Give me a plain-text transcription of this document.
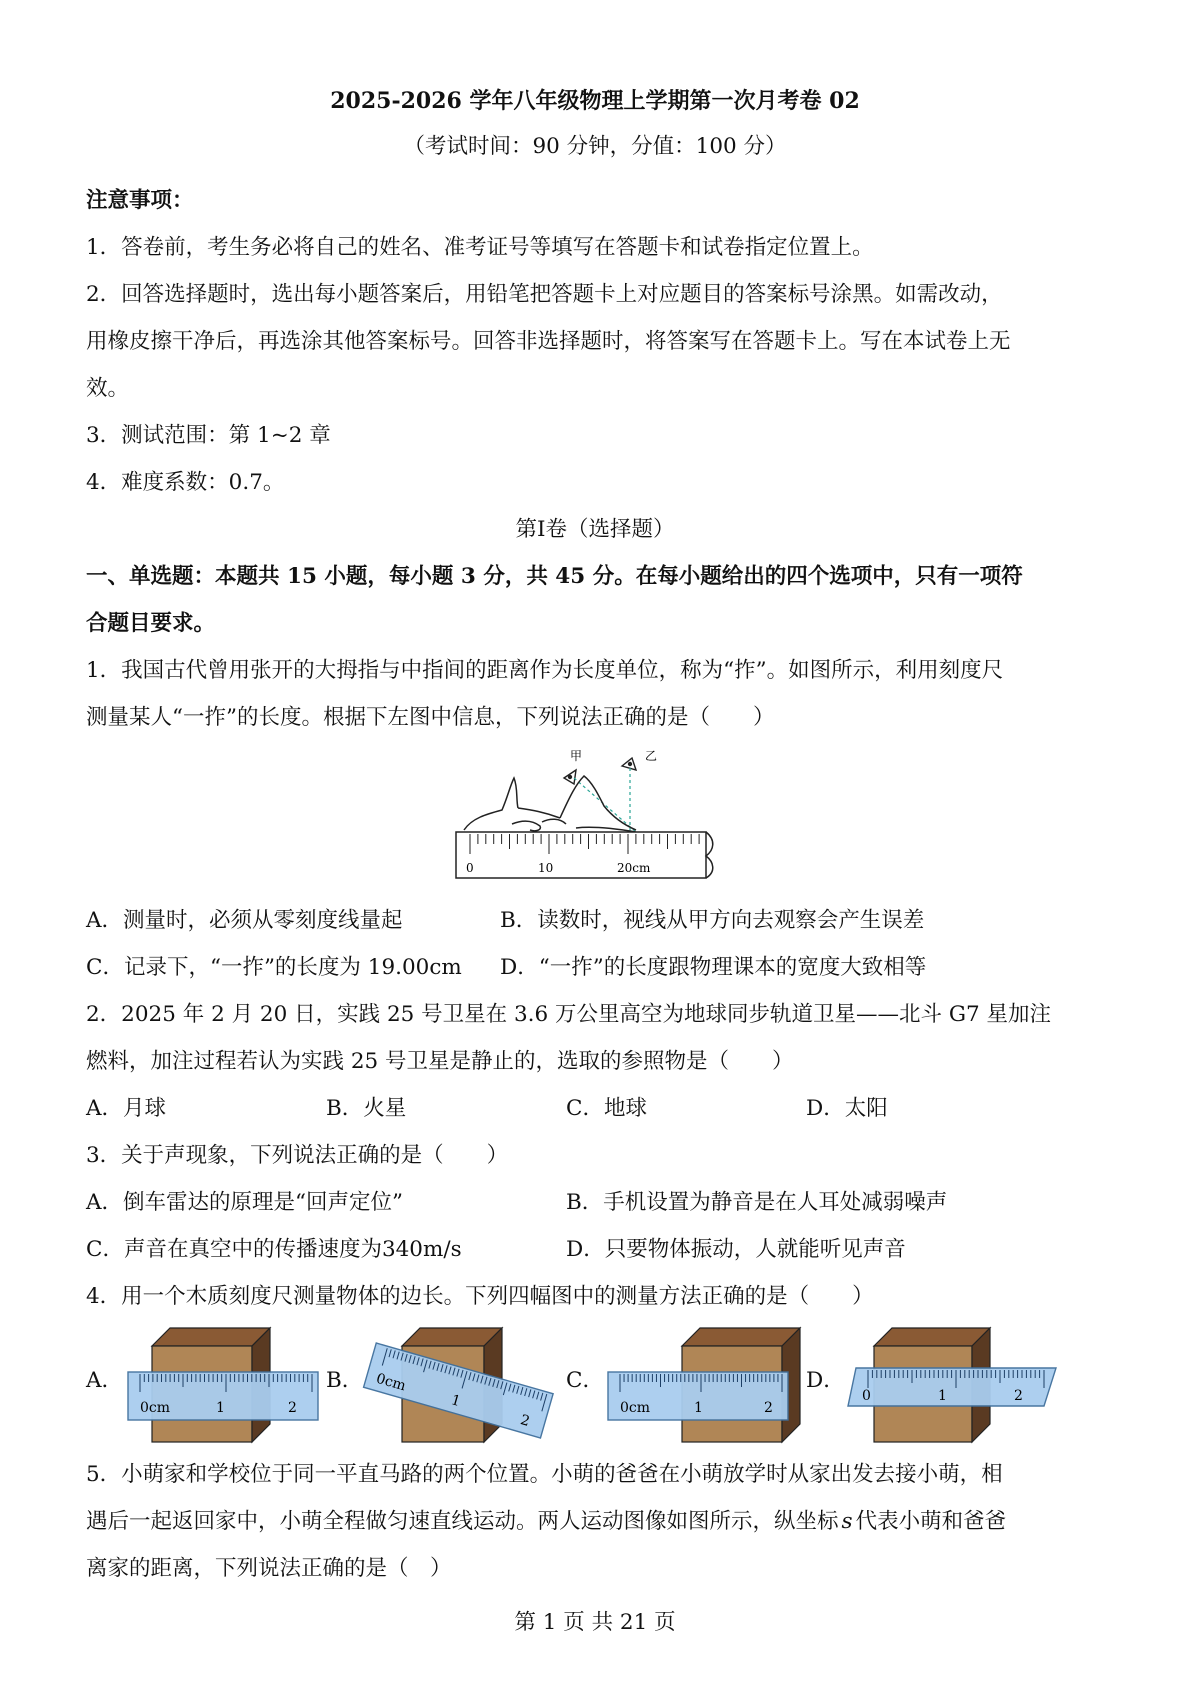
2025-2026 学年八年级物理上学期第一次月考卷 02
（考试时间：90 分钟，分值：100 分）
注意事项：
1．答卷前，考生务必将自己的姓名、准考证号等填写在答题卡和试卷指定位置上。
2．回答选择题时，选出每小题答案后，用铅笔把答题卡上对应题目的答案标号涂黑。如需改动，
用橡皮擦干净后，再选涂其他答案标号。回答非选择题时，将答案写在答题卡上。写在本试卷上无
效。
3．测试范围：第 1~2 章
4．难度系数：0.7。
第Ⅰ卷（选择题）
一、单选题：本题共 15 小题，每小题 3 分，共 45 分。在每小题给出的四个选项中，只有一项符
合题目要求。
1．我国古代曾用张开的大拇指与中指间的距离作为长度单位，称为“拃”。如图所示，利用刻度尺
测量某人“一拃”的长度。根据下左图中信息，下列说法正确的是（　　）
甲	乙
0	10	20cm
A．测量时，必须从零刻度线量起	B．读数时，视线从甲方向去观察会产生误差
C．记录下，“一拃”的长度为 19.00cm D．“一拃”的长度跟物理课本的宽度大致相等
2．2025 年 2 月 20 日，实践 25 号卫星在 3.6 万公里高空为地球同步轨道卫星——北斗 G7 星加注
燃料，加注过程若认为实践 25 号卫星是静止的，选取的参照物是（　　）
A．月球	B．火星	C．地球	D．太阳
3．关于声现象，下列说法正确的是（　　）
A．倒车雷达的原理是“回声定位”	B．手机设置为静音是在人耳处减弱噪声
C．声音在真空中的传播速度为340m/s	D．只要物体振动，人就能听见声音
4．用一个木质刻度尺测量物体的边长。下列四幅图中的测量方法正确的是（　　）
A．	B．	C．	D．
0cm	1	2
0cm
1
2
0cm	1	2
0	1	2
5．小萌家和学校位于同一平直马路的两个位置。小萌的爸爸在小萌放学时从家出发去接小萌，相
遇后一起返回家中，小萌全程做匀速直线运动。两人运动图像如图所示，纵坐标 s 代表小萌和爸爸
离家的距离，下列说法正确的是（　）
第 1 页 共 21 页
